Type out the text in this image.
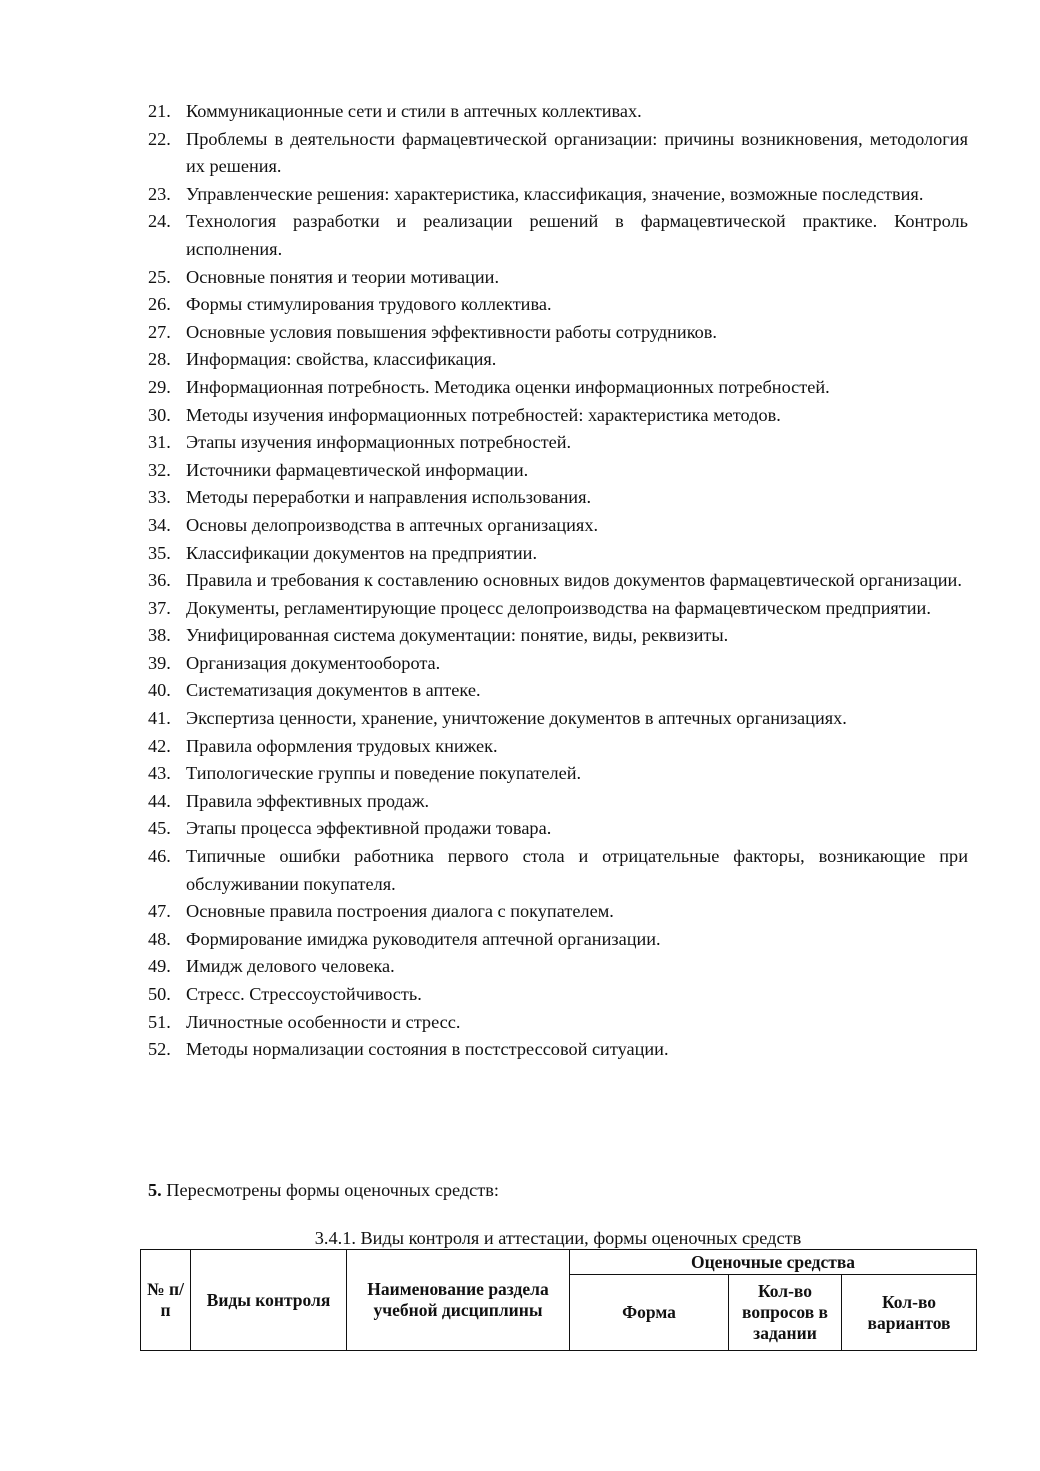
21. Коммуникационные сети и стили в аптечных коллективах.
22. Проблемы в деятельности фармацевтической организации: причины возникновения, методология их решения.
23. Управленческие решения: характеристика, классификация, значение, возможные последствия.
24. Технология разработки и реализации решений в фармацевтической практике. Контроль исполнения.
25. Основные понятия и теории мотивации.
26. Формы стимулирования трудового коллектива.
27. Основные условия повышения эффективности работы сотрудников.
28. Информация: свойства, классификация.
29. Информационная потребность. Методика оценки информационных потребностей.
30. Методы изучения информационных потребностей: характеристика методов.
31. Этапы изучения информационных потребностей.
32. Источники фармацевтической информации.
33. Методы переработки и направления использования.
34. Основы делопроизводства в аптечных организациях.
35. Классификации документов на предприятии.
36. Правила и требования к составлению основных видов документов фармацевтической организации.
37. Документы, регламентирующие процесс делопроизводства на фармацевтическом предприятии.
38. Унифицированная система документации: понятие, виды, реквизиты.
39. Организация документооборота.
40. Систематизация документов в аптеке.
41. Экспертиза ценности, хранение, уничтожение документов в аптечных организациях.
42. Правила оформления трудовых книжек.
43. Типологические группы и поведение покупателей.
44. Правила эффективных продаж.
45. Этапы процесса эффективной продажи товара.
46. Типичные ошибки работника первого стола и отрицательные факторы, возникающие при обслуживании покупателя.
47. Основные правила построения диалога с покупателем.
48. Формирование имиджа руководителя аптечной организации.
49. Имидж делового человека.
50. Стресс. Стрессоустойчивость.
51. Личностные особенности и стресс.
52. Методы нормализации состояния в постстрессовой ситуации.
5. Пересмотрены формы оценочных средств:
3.4.1. Виды контроля и аттестации, формы оценочных средств
№ п/п	Виды контроля	Наименование раздела учебной дисциплины	Оценочные средства		
			Форма	Кол-во вопросов в задании	Кол-во вариантов
